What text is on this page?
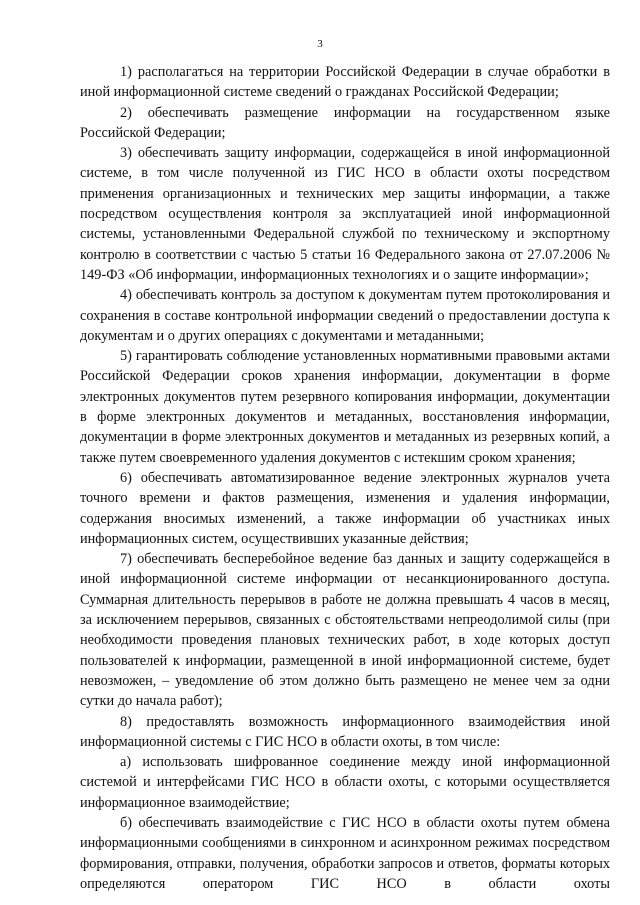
3

1) располагаться на территории Российской Федерации в случае обработки в иной информационной системе сведений о гражданах Российской Федерации;

2) обеспечивать размещение информации на государственном языке Российской Федерации;

3) обеспечивать защиту информации, содержащейся в иной информационной системе, в том числе полученной из ГИС НСО в области охоты посредством применения организационных и технических мер защиты информации, а также посредством осуществления контроля за эксплуатацией иной информационной системы, установленными Федеральной службой по техническому и экспортному контролю в соответствии с частью 5 статьи 16 Федерального закона от 27.07.2006 № 149-ФЗ «Об информации, информационных технологиях и о защите информации»;

4) обеспечивать контроль за доступом к документам путем протоколирования и сохранения в составе контрольной информации сведений о предоставлении доступа к документам и о других операциях с документами и метаданными;

5) гарантировать соблюдение установленных нормативными правовыми актами Российской Федерации сроков хранения информации, документации в форме электронных документов путем резервного копирования информации, документации в форме электронных документов и метаданных, восстановления информации, документации в форме электронных документов и метаданных из резервных копий, а также путем своевременного удаления документов с истекшим сроком хранения;

6) обеспечивать автоматизированное ведение электронных журналов учета точного времени и фактов размещения, изменения и удаления информации, содержания вносимых изменений, а также информации об участниках иных информационных систем, осуществивших указанные действия;

7) обеспечивать бесперебойное ведение баз данных и защиту содержащейся в иной информационной системе информации от несанкционированного доступа. Суммарная длительность перерывов в работе не должна превышать 4 часов в месяц, за исключением перерывов, связанных с обстоятельствами непреодолимой силы (при необходимости проведения плановых технических работ, в ходе которых доступ пользователей к информации, размещенной в иной информационной системе, будет невозможен, – уведомление об этом должно быть размещено не менее чем за одни сутки до начала работ);

8) предоставлять возможность информационного взаимодействия иной информационной системы с ГИС НСО в области охоты, в том числе:

а) использовать шифрованное соединение между иной информационной системой и интерфейсами ГИС НСО в области охоты, с которыми осуществляется информационное взаимодействие;

б) обеспечивать взаимодействие с ГИС НСО в области охоты путем обмена информационными сообщениями в синхронном и асинхронном режимах посредством формирования, отправки, получения, обработки запросов и ответов, форматы которых определяются оператором ГИС НСО в области охоты
